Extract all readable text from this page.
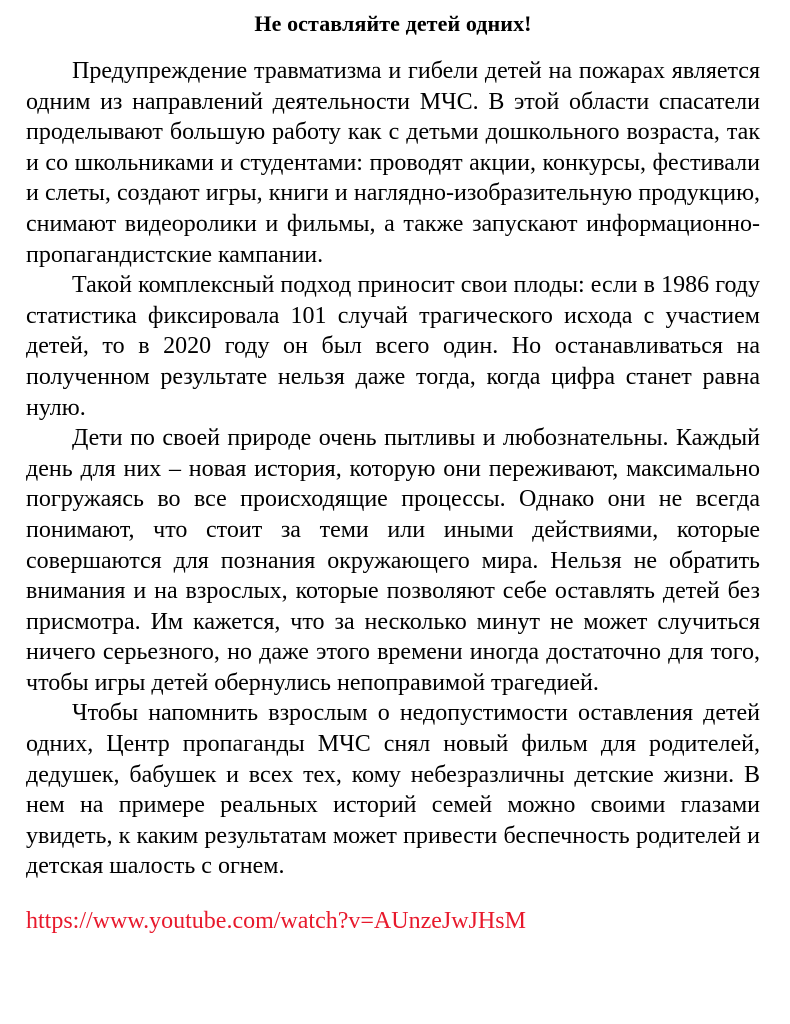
Не оставляйте детей одних!

Предупреждение травматизма и гибели детей на пожарах является одним из направлений деятельности МЧС. В этой области спасатели проделывают большую работу как с детьми дошкольного возраста, так и со школьниками и студентами: проводят акции, конкурсы, фестивали и слеты, создают игры, книги и наглядно-изобразительную продукцию, снимают видеоролики и фильмы, а также запускают информационно-пропагандистские кампании.

Такой комплексный подход приносит свои плоды: если в 1986 году статистика фиксировала 101 случай трагического исхода с участием детей, то в 2020 году он был всего один. Но останавливаться на полученном результате нельзя даже тогда, когда цифра станет равна нулю.

Дети по своей природе очень пытливы и любознательны. Каждый день для них – новая история, которую они переживают, максимально погружаясь во все происходящие процессы. Однако они не всегда понимают, что стоит за теми или иными действиями, которые совершаются для познания окружающего мира. Нельзя не обратить внимания и на взрослых, которые позволяют себе оставлять детей без присмотра. Им кажется, что за несколько минут не может случиться ничего серьезного, но даже этого времени иногда достаточно для того, чтобы игры детей обернулись непоправимой трагедией.

Чтобы напомнить взрослым о недопустимости оставления детей одних, Центр пропаганды МЧС снял новый фильм для родителей, дедушек, бабушек и всех тех, кому небезразличны детские жизни. В нем на примере реальных историй семей можно своими глазами увидеть, к каким результатам может привести беспечность родителей и детская шалость с огнем.

https://www.youtube.com/watch?v=AUnzeJwJHsM
